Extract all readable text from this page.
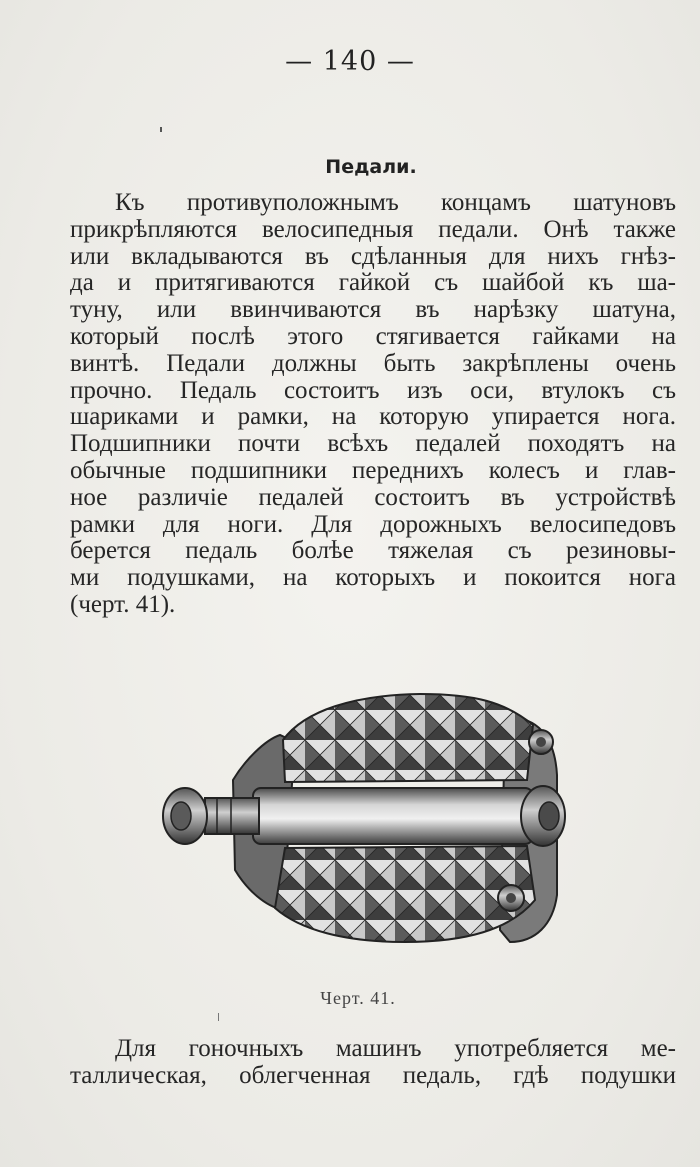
— 140 —
Педали.
Къ противуположнымъ концамъ шатуновъ
прикрѣпляются велосипедныя педали. Онѣ также
или вкладываются въ сдѣланныя для нихъ гнѣз-
да и притягиваются гайкой съ шайбой къ ша-
туну, или ввинчиваются въ нарѣзку шатуна,
который послѣ этого стягивается гайками на
винтѣ. Педали должны быть закрѣплены очень
прочно. Педаль состоитъ изъ оси, втулокъ съ
шариками и рамки, на которую упирается нога.
Подшипники почти всѣхъ педалей походятъ на
обычные подшипники переднихъ колесъ и глав-
ное различіе педалей состоитъ въ устройствѣ
рамки для ноги. Для дорожныхъ велосипедовъ
берется педаль болѣе тяжелая съ резиновы-
ми подушками, на которыхъ и покоится нога
(черт. 41).
Черт. 41.
Для гоночныхъ машинъ употребляется ме-
таллическая, облегченная педаль, гдѣ подушки
